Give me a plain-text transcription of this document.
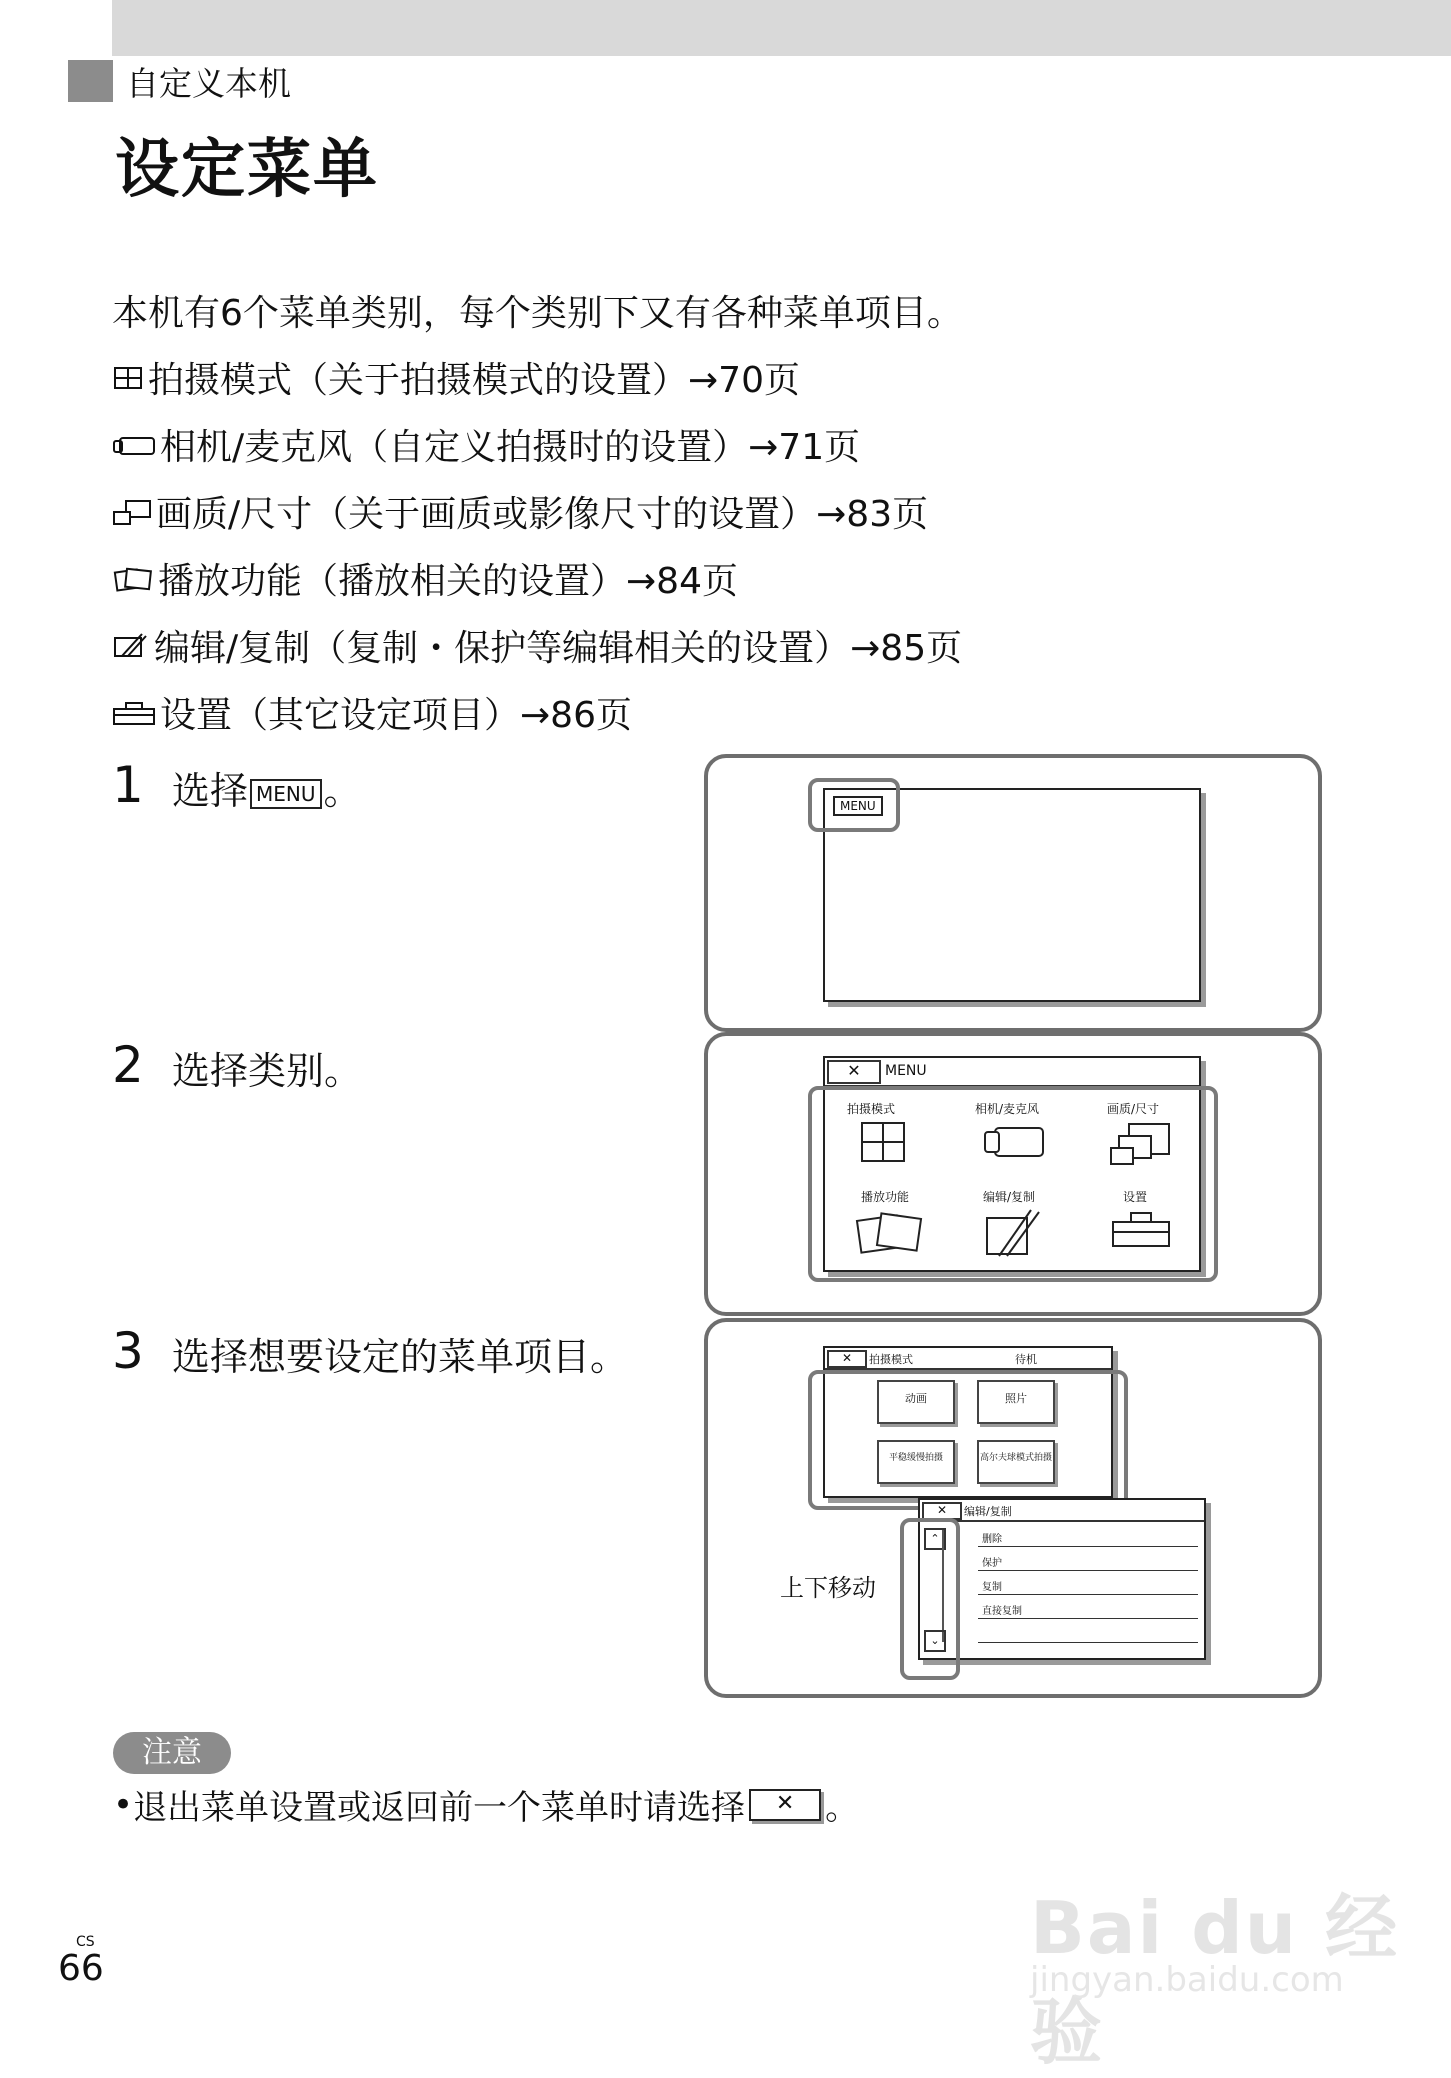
自定义本机
设定菜单
本机有6个菜单类别，每个类别下又有各种菜单项目。
拍摄模式（关于拍摄模式的设置）→70页
相机/麦克风（自定义拍摄时的设置）→71页
画质/尺寸（关于画质或影像尺寸的设置）→83页
播放功能（播放相关的设置）→84页
编辑/复制（复制・保护等编辑相关的设置）→85页
设置（其它设定项目）→86页
1 选择 MENU 。
2 选择类别。
3 选择想要设定的菜单项目。
MENU
✕	MENU
拍摄模式	相机/麦克风	画质/尺寸
播放功能	编辑/复制	设置
✕	拍摄模式	待机
动画	照片
平稳缓慢拍摄	高尔夫球模式拍摄
✕	编辑/复制
⌃
⌄
删除
保护
复制
直接复制
上下移动
注意
• 退出菜单设置或返回前一个菜单时请选择	✕ 。
CS
66	Bai du 经验
jingyan.baidu.com
